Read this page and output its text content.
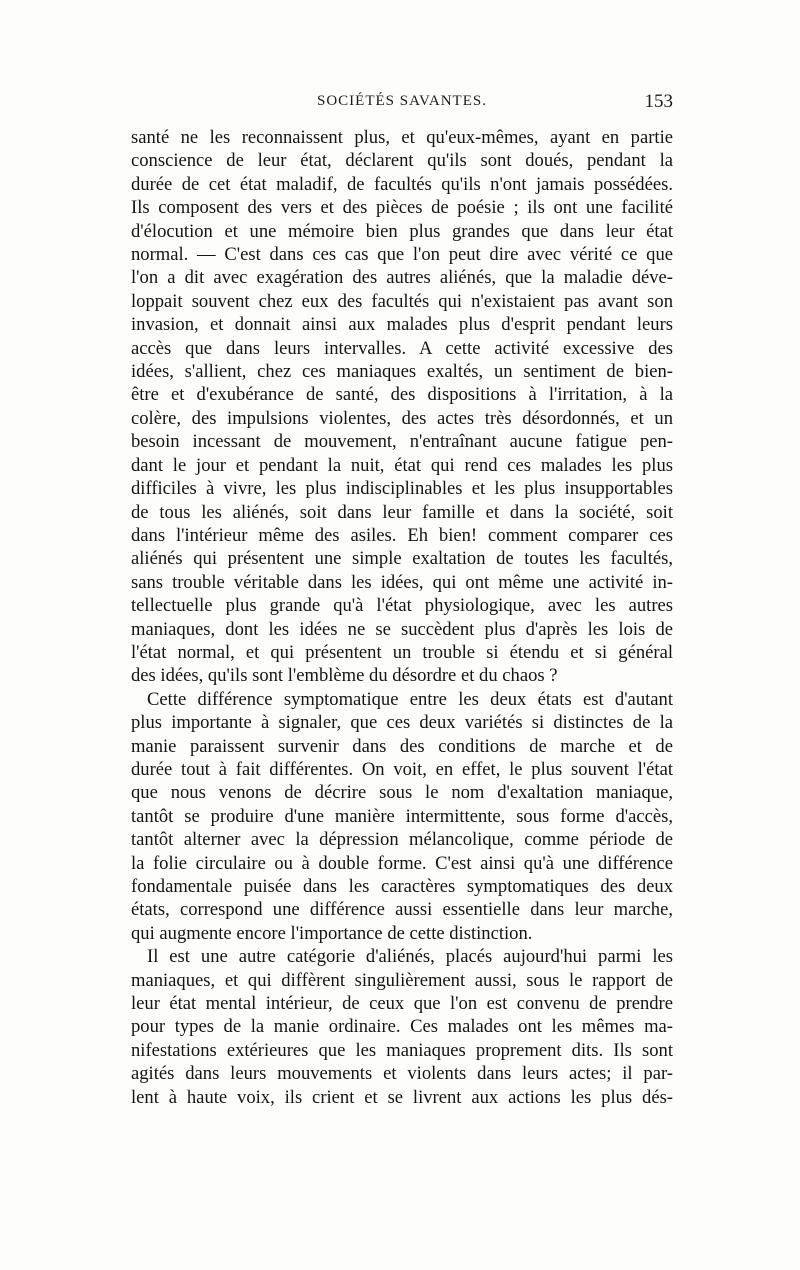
SOCIÉTÉS SAVANTES.	153
santé ne les reconnaissent plus, et qu'eux-mêmes, ayant en partie
conscience de leur état, déclarent qu'ils sont doués, pendant la
durée de cet état maladif, de facultés qu'ils n'ont jamais possédées.
Ils composent des vers et des pièces de poésie ; ils ont une facilité
d'élocution et une mémoire bien plus grandes que dans leur état
normal. — C'est dans ces cas que l'on peut dire avec vérité ce que
l'on a dit avec exagération des autres aliénés, que la maladie déve-
loppait souvent chez eux des facultés qui n'existaient pas avant son
invasion, et donnait ainsi aux malades plus d'esprit pendant leurs
accès que dans leurs intervalles. A cette activité excessive des
idées, s'allient, chez ces maniaques exaltés, un sentiment de bien-
être et d'exubérance de santé, des dispositions à l'irritation, à la
colère, des impulsions violentes, des actes très désordonnés, et un
besoin incessant de mouvement, n'entraînant aucune fatigue pen-
dant le jour et pendant la nuit, état qui rend ces malades les plus
difficiles à vivre, les plus indisciplinables et les plus insupportables
de tous les aliénés, soit dans leur famille et dans la société, soit
dans l'intérieur même des asiles. Eh bien! comment comparer ces
aliénés qui présentent une simple exaltation de toutes les facultés,
sans trouble véritable dans les idées, qui ont même une activité in-
tellectuelle plus grande qu'à l'état physiologique, avec les autres
maniaques, dont les idées ne se succèdent plus d'après les lois de
l'état normal, et qui présentent un trouble si étendu et si général
des idées, qu'ils sont l'emblème du désordre et du chaos ?
Cette différence symptomatique entre les deux états est d'autant
plus importante à signaler, que ces deux variétés si distinctes de la
manie paraissent survenir dans des conditions de marche et de
durée tout à fait différentes. On voit, en effet, le plus souvent l'état
que nous venons de décrire sous le nom d'exaltation maniaque,
tantôt se produire d'une manière intermittente, sous forme d'accès,
tantôt alterner avec la dépression mélancolique, comme période de
la folie circulaire ou à double forme. C'est ainsi qu'à une différence
fondamentale puisée dans les caractères symptomatiques des deux
états, correspond une différence aussi essentielle dans leur marche,
qui augmente encore l'importance de cette distinction.
Il est une autre catégorie d'aliénés, placés aujourd'hui parmi les
maniaques, et qui diffèrent singulièrement aussi, sous le rapport de
leur état mental intérieur, de ceux que l'on est convenu de prendre
pour types de la manie ordinaire. Ces malades ont les mêmes ma-
nifestations extérieures que les maniaques proprement dits. Ils sont
agités dans leurs mouvements et violents dans leurs actes; il par-
lent à haute voix, ils crient et se livrent aux actions les plus dés-
